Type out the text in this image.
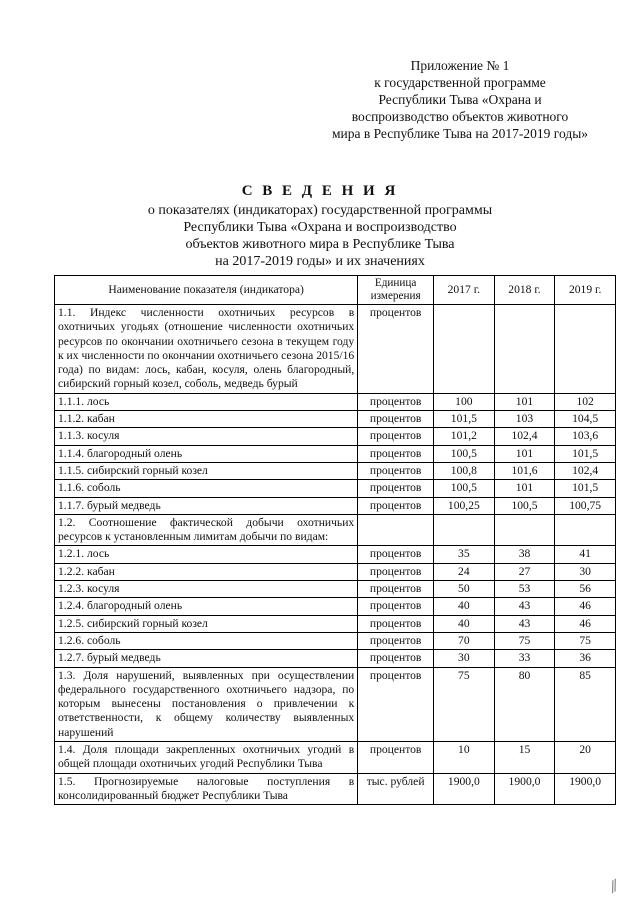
Приложение № 1
к государственной программе
Республики Тыва «Охрана и
воспроизводство объектов животного
мира в Республике Тыва на 2017-2019 годы»
С В Е Д Е Н И Я
о показателях (индикаторах) государственной программы
Республики Тыва «Охрана и воспроизводство
объектов животного мира в Республике Тыва
на 2017-2019 годы» и их значениях
Наименование показателя (индикатора)	Единица измерения	2017 г.	2018 г.	2019 г.
1.1. Индекс численности охотничьих ресурсов в охотничьих угодьях (отношение численности охотничьих ресурсов по окончании охотничьего сезона в текущем году к их численности по окончании охотничьего сезона 2015/16 года) по видам: лось, кабан, косуля, олень благородный, сибирский горный козел, соболь, медведь бурый	процентов			
1.1.1. лось	процентов	100	101	102
1.1.2. кабан	процентов	101,5	103	104,5
1.1.3. косуля	процентов	101,2	102,4	103,6
1.1.4. благородный олень	процентов	100,5	101	101,5
1.1.5. сибирский горный козел	процентов	100,8	101,6	102,4
1.1.6. соболь	процентов	100,5	101	101,5
1.1.7. бурый медведь	процентов	100,25	100,5	100,75
1.2. Соотношение фактической добычи охотничьих ресурсов к установленным лимитам добычи по видам:				
1.2.1. лось	процентов	35	38	41
1.2.2. кабан	процентов	24	27	30
1.2.3. косуля	процентов	50	53	56
1.2.4. благородный олень	процентов	40	43	46
1.2.5. сибирский горный козел	процентов	40	43	46
1.2.6. соболь	процентов	70	75	75
1.2.7. бурый медведь	процентов	30	33	36
1.3. Доля нарушений, выявленных при осуществлении федерального государственного охотничьего надзора, по которым вынесены постановления о привлечении к ответственности, к общему количеству выявленных нарушений	процентов	75	80	85
1.4. Доля площади закрепленных охотничьих угодий в общей площади охотничьих угодий Республики Тыва	процентов	10	15	20
1.5. Прогнозируемые налоговые поступления в консолидированный бюджет Республики Тыва	тыс. рублей	1900,0	1900,0	1900,0
∕∕
